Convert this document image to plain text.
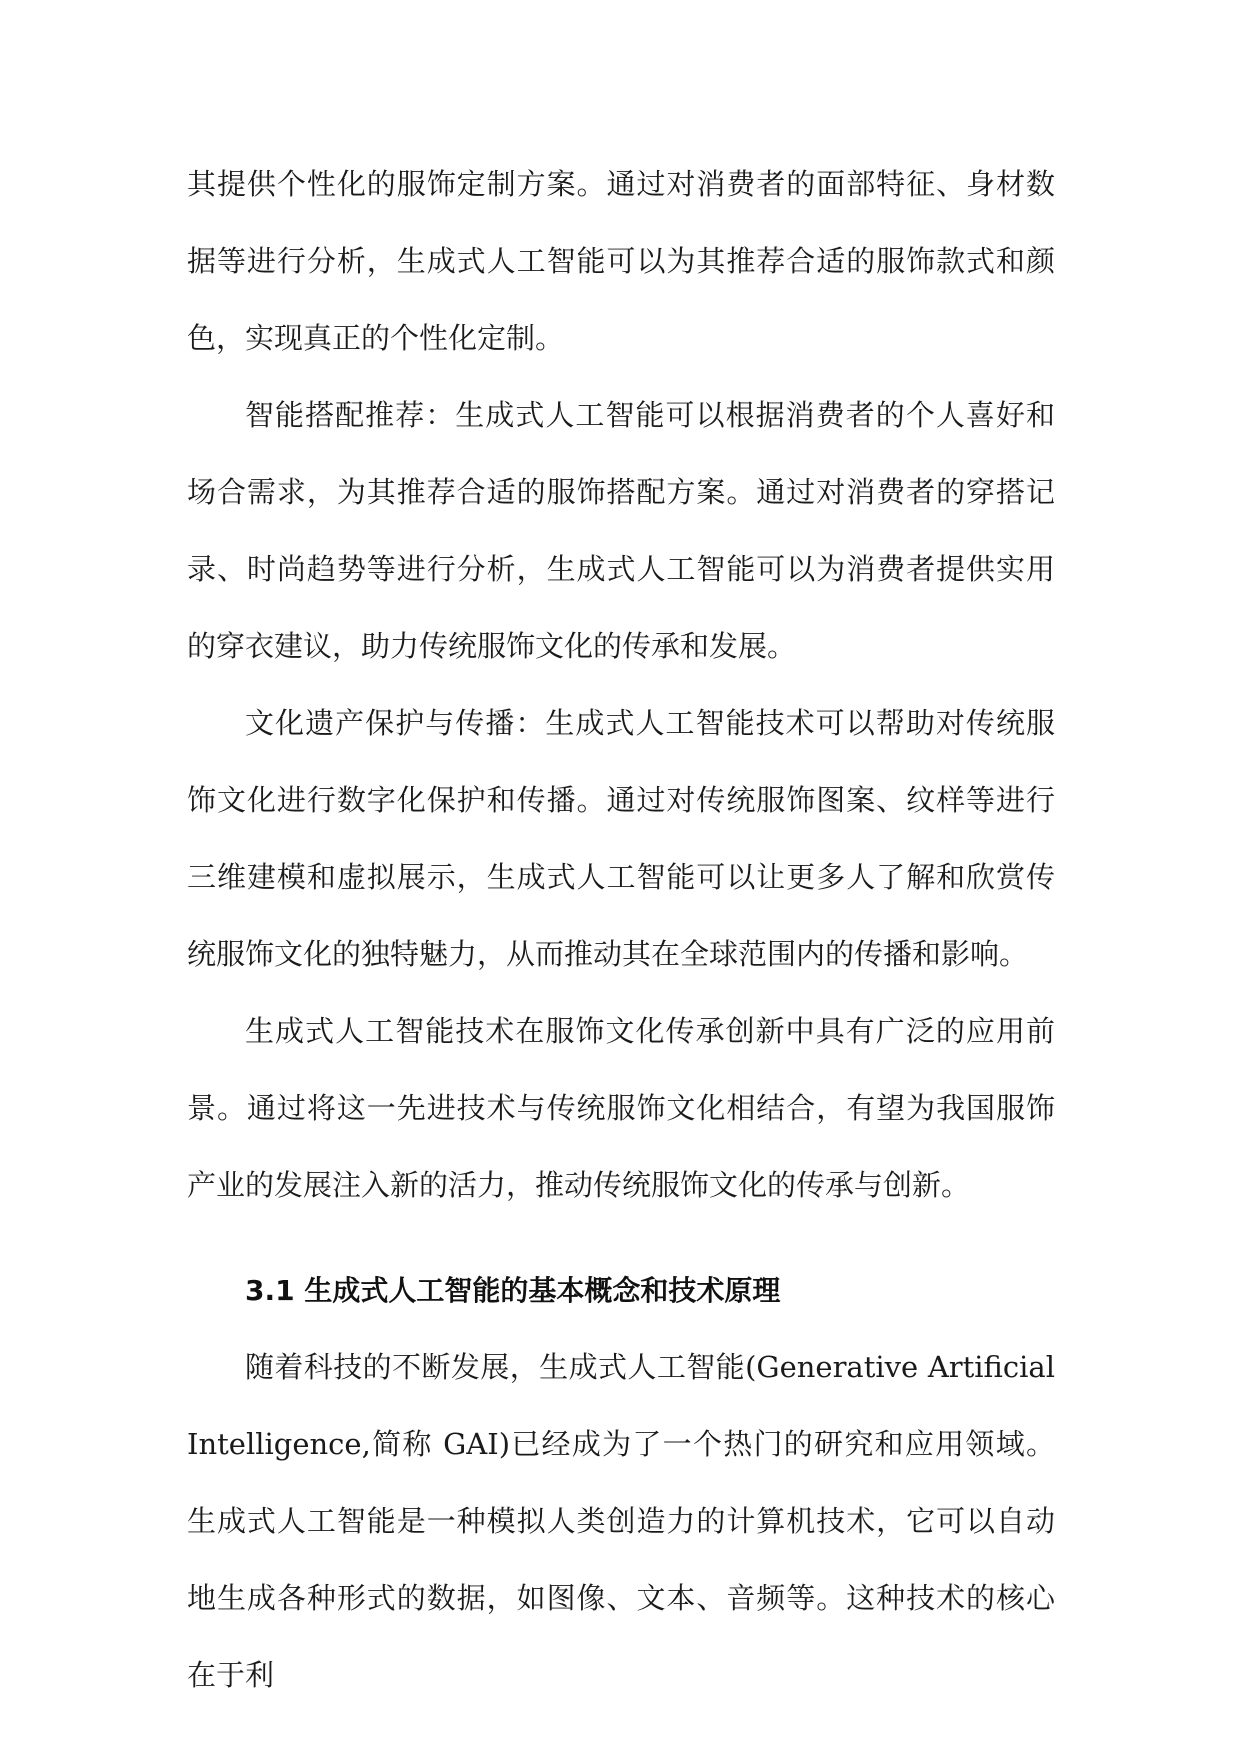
其提供个性化的服饰定制方案。通过对消费者的面部特征、身材数据等进行分析，生成式人工智能可以为其推荐合适的服饰款式和颜色，实现真正的个性化定制。

智能搭配推荐：生成式人工智能可以根据消费者的个人喜好和场合需求，为其推荐合适的服饰搭配方案。通过对消费者的穿搭记录、时尚趋势等进行分析，生成式人工智能可以为消费者提供实用的穿衣建议，助力传统服饰文化的传承和发展。

文化遗产保护与传播：生成式人工智能技术可以帮助对传统服饰文化进行数字化保护和传播。通过对传统服饰图案、纹样等进行三维建模和虚拟展示，生成式人工智能可以让更多人了解和欣赏传统服饰文化的独特魅力，从而推动其在全球范围内的传播和影响。

生成式人工智能技术在服饰文化传承创新中具有广泛的应用前景。通过将这一先进技术与传统服饰文化相结合，有望为我国服饰产业的发展注入新的活力，推动传统服饰文化的传承与创新。

3.1 生成式人工智能的基本概念和技术原理

随着科技的不断发展，生成式人工智能(Generative Artificial Intelligence,简称 GAI)已经成为了一个热门的研究和应用领域。生成式人工智能是一种模拟人类创造力的计算机技术，它可以自动地生成各种形式的数据，如图像、文本、音频等。这种技术的核心在于利
